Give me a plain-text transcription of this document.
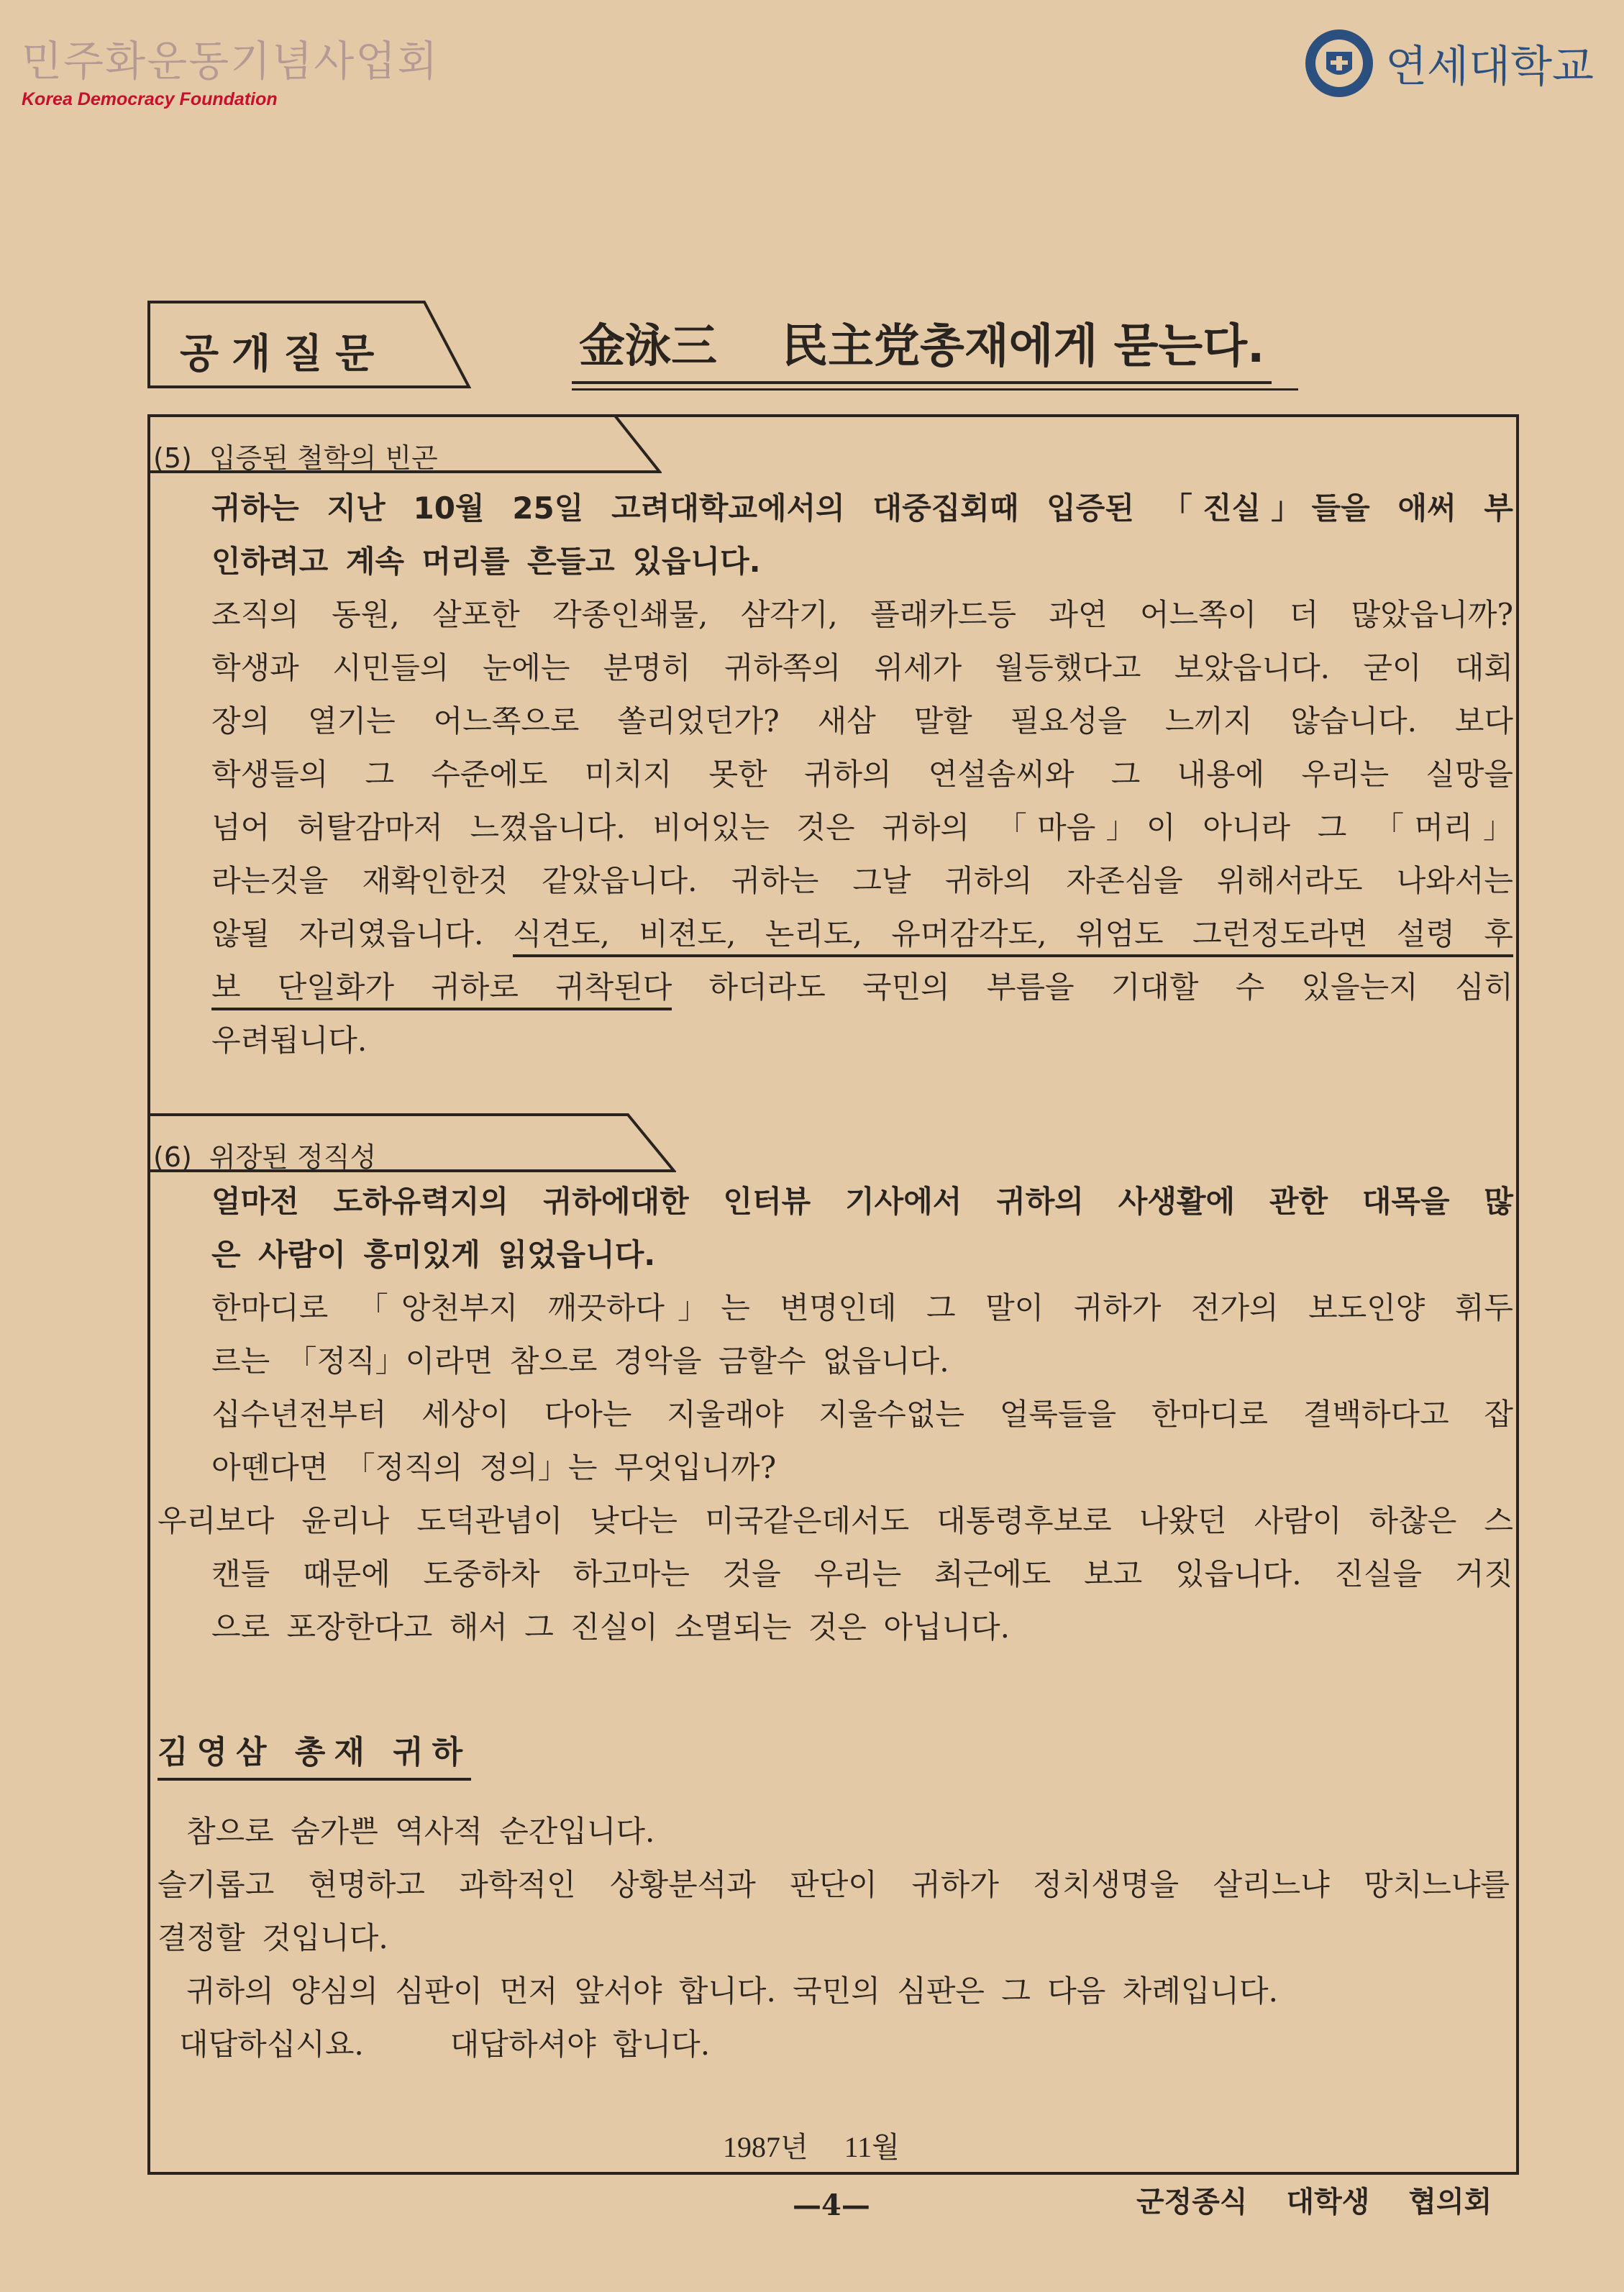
민주화운동기념사업회
Korea Democracy Foundation
연세대학교
공개질문	金泳三 民主党총재에게 묻는다.
(5) 입증된 철학의 빈곤
귀하는 지난 10월 25일 고려대학교에서의 대중집회때 입증된 「진실」들을 애써 부
인하려고 계속 머리를 흔들고 있읍니다.
조직의 동원, 살포한 각종인쇄물, 삼각기, 플래카드등 과연 어느쪽이 더 많았읍니까?
학생과 시민들의 눈에는 분명히 귀하쪽의 위세가 월등했다고 보았읍니다. 굳이 대회
장의 열기는 어느쪽으로 쏠리었던가? 새삼 말할 필요성을 느끼지 않습니다. 보다
학생들의 그 수준에도 미치지 못한 귀하의 연설솜씨와 그 내용에 우리는 실망을
넘어 허탈감마저 느꼈읍니다. 비어있는 것은 귀하의 「마음」이 아니라 그 「머리」
라는것을 재확인한것 같았읍니다. 귀하는 그날 귀하의 자존심을 위해서라도 나와서는
않될 자리였읍니다. 식견도, 비젼도, 논리도, 유머감각도, 위엄도 그런정도라면 설령 후
보 단일화가 귀하로 귀착된다 하더라도 국민의 부름을 기대할 수 있을는지 심히
우려됩니다.
(6) 위장된 정직성
얼마전 도하유력지의 귀하에대한 인터뷰 기사에서 귀하의 사생활에 관한 대목을 많
은 사람이 흥미있게 읽었읍니다.
한마디로 「앙천부지 깨끗하다」는 변명인데 그 말이 귀하가 전가의 보도인양 휘두
르는 「정직」이라면 참으로 경악을 금할수 없읍니다.
십수년전부터 세상이 다아는 지울래야 지울수없는 얼룩들을 한마디로 결백하다고 잡
아뗀다면 「정직의 정의」는 무엇입니까?
우리보다 윤리나 도덕관념이 낮다는 미국같은데서도 대통령후보로 나왔던 사람이 하찮은 스
캔들 때문에 도중하차 하고마는 것을 우리는 최근에도 보고 있읍니다. 진실을 거짓
으로 포장한다고 해서 그 진실이 소멸되는 것은 아닙니다.
김영삼 총재 귀하
참으로 숨가쁜 역사적 순간입니다.
슬기롭고 현명하고 과학적인 상황분석과 판단이 귀하가 정치생명을 살리느냐 망치느냐를
결정할 것입니다.
귀하의 양심의 심판이 먼저 앞서야 합니다. 국민의 심판은 그 다음 차례입니다.
대답하십시요.	대답하셔야 합니다.
1987년 11월
—4—	군정종식 대학생 협의회
